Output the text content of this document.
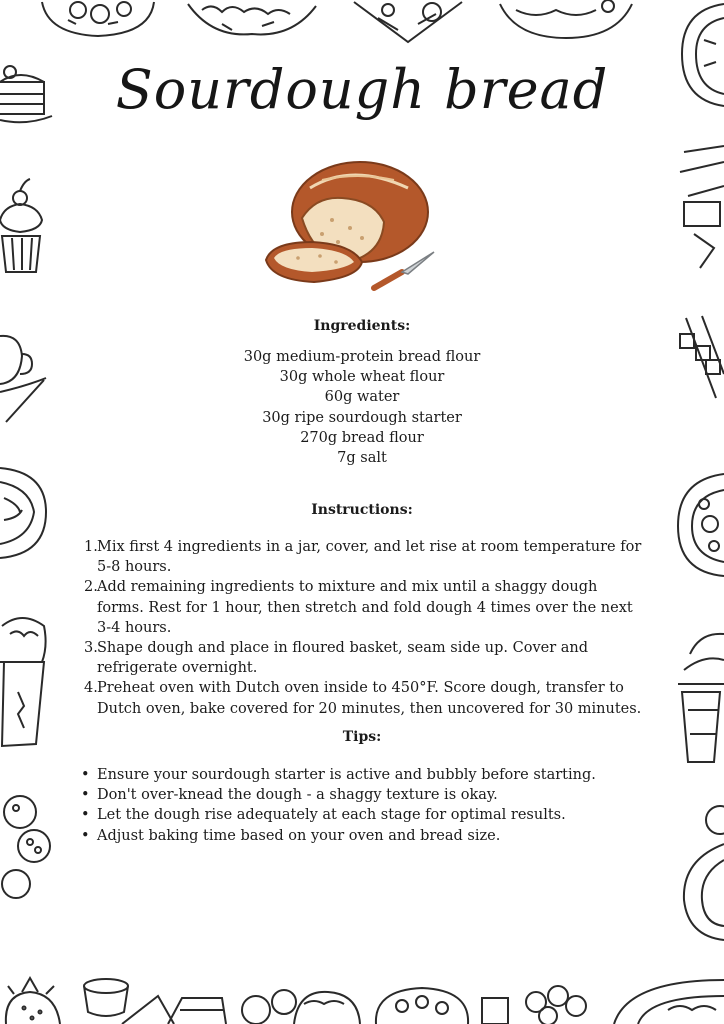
Sourdough bread
Ingredients:
30g medium-protein bread flour
30g whole wheat flour
60g water
30g ripe sourdough starter
270g bread flour
7g salt
Instructions:
Mix first 4 ingredients in a jar, cover, and let rise at room temperature for 5-8 hours.
Add remaining ingredients to mixture and mix until a shaggy dough forms. Rest for 1 hour, then stretch and fold dough 4 times over the next 3-4 hours.
Shape dough and place in floured basket, seam side up. Cover and refrigerate overnight.
Preheat oven with Dutch oven inside to 450°F. Score dough, transfer to Dutch oven, bake covered for 20 minutes, then uncovered for 30 minutes.
Tips:
• Ensure your sourdough starter is active and bubbly before starting.
• Don't over-knead the dough - a shaggy texture is okay.
• Let the dough rise adequately at each stage for optimal results.
• Adjust baking time based on your oven and bread size.
